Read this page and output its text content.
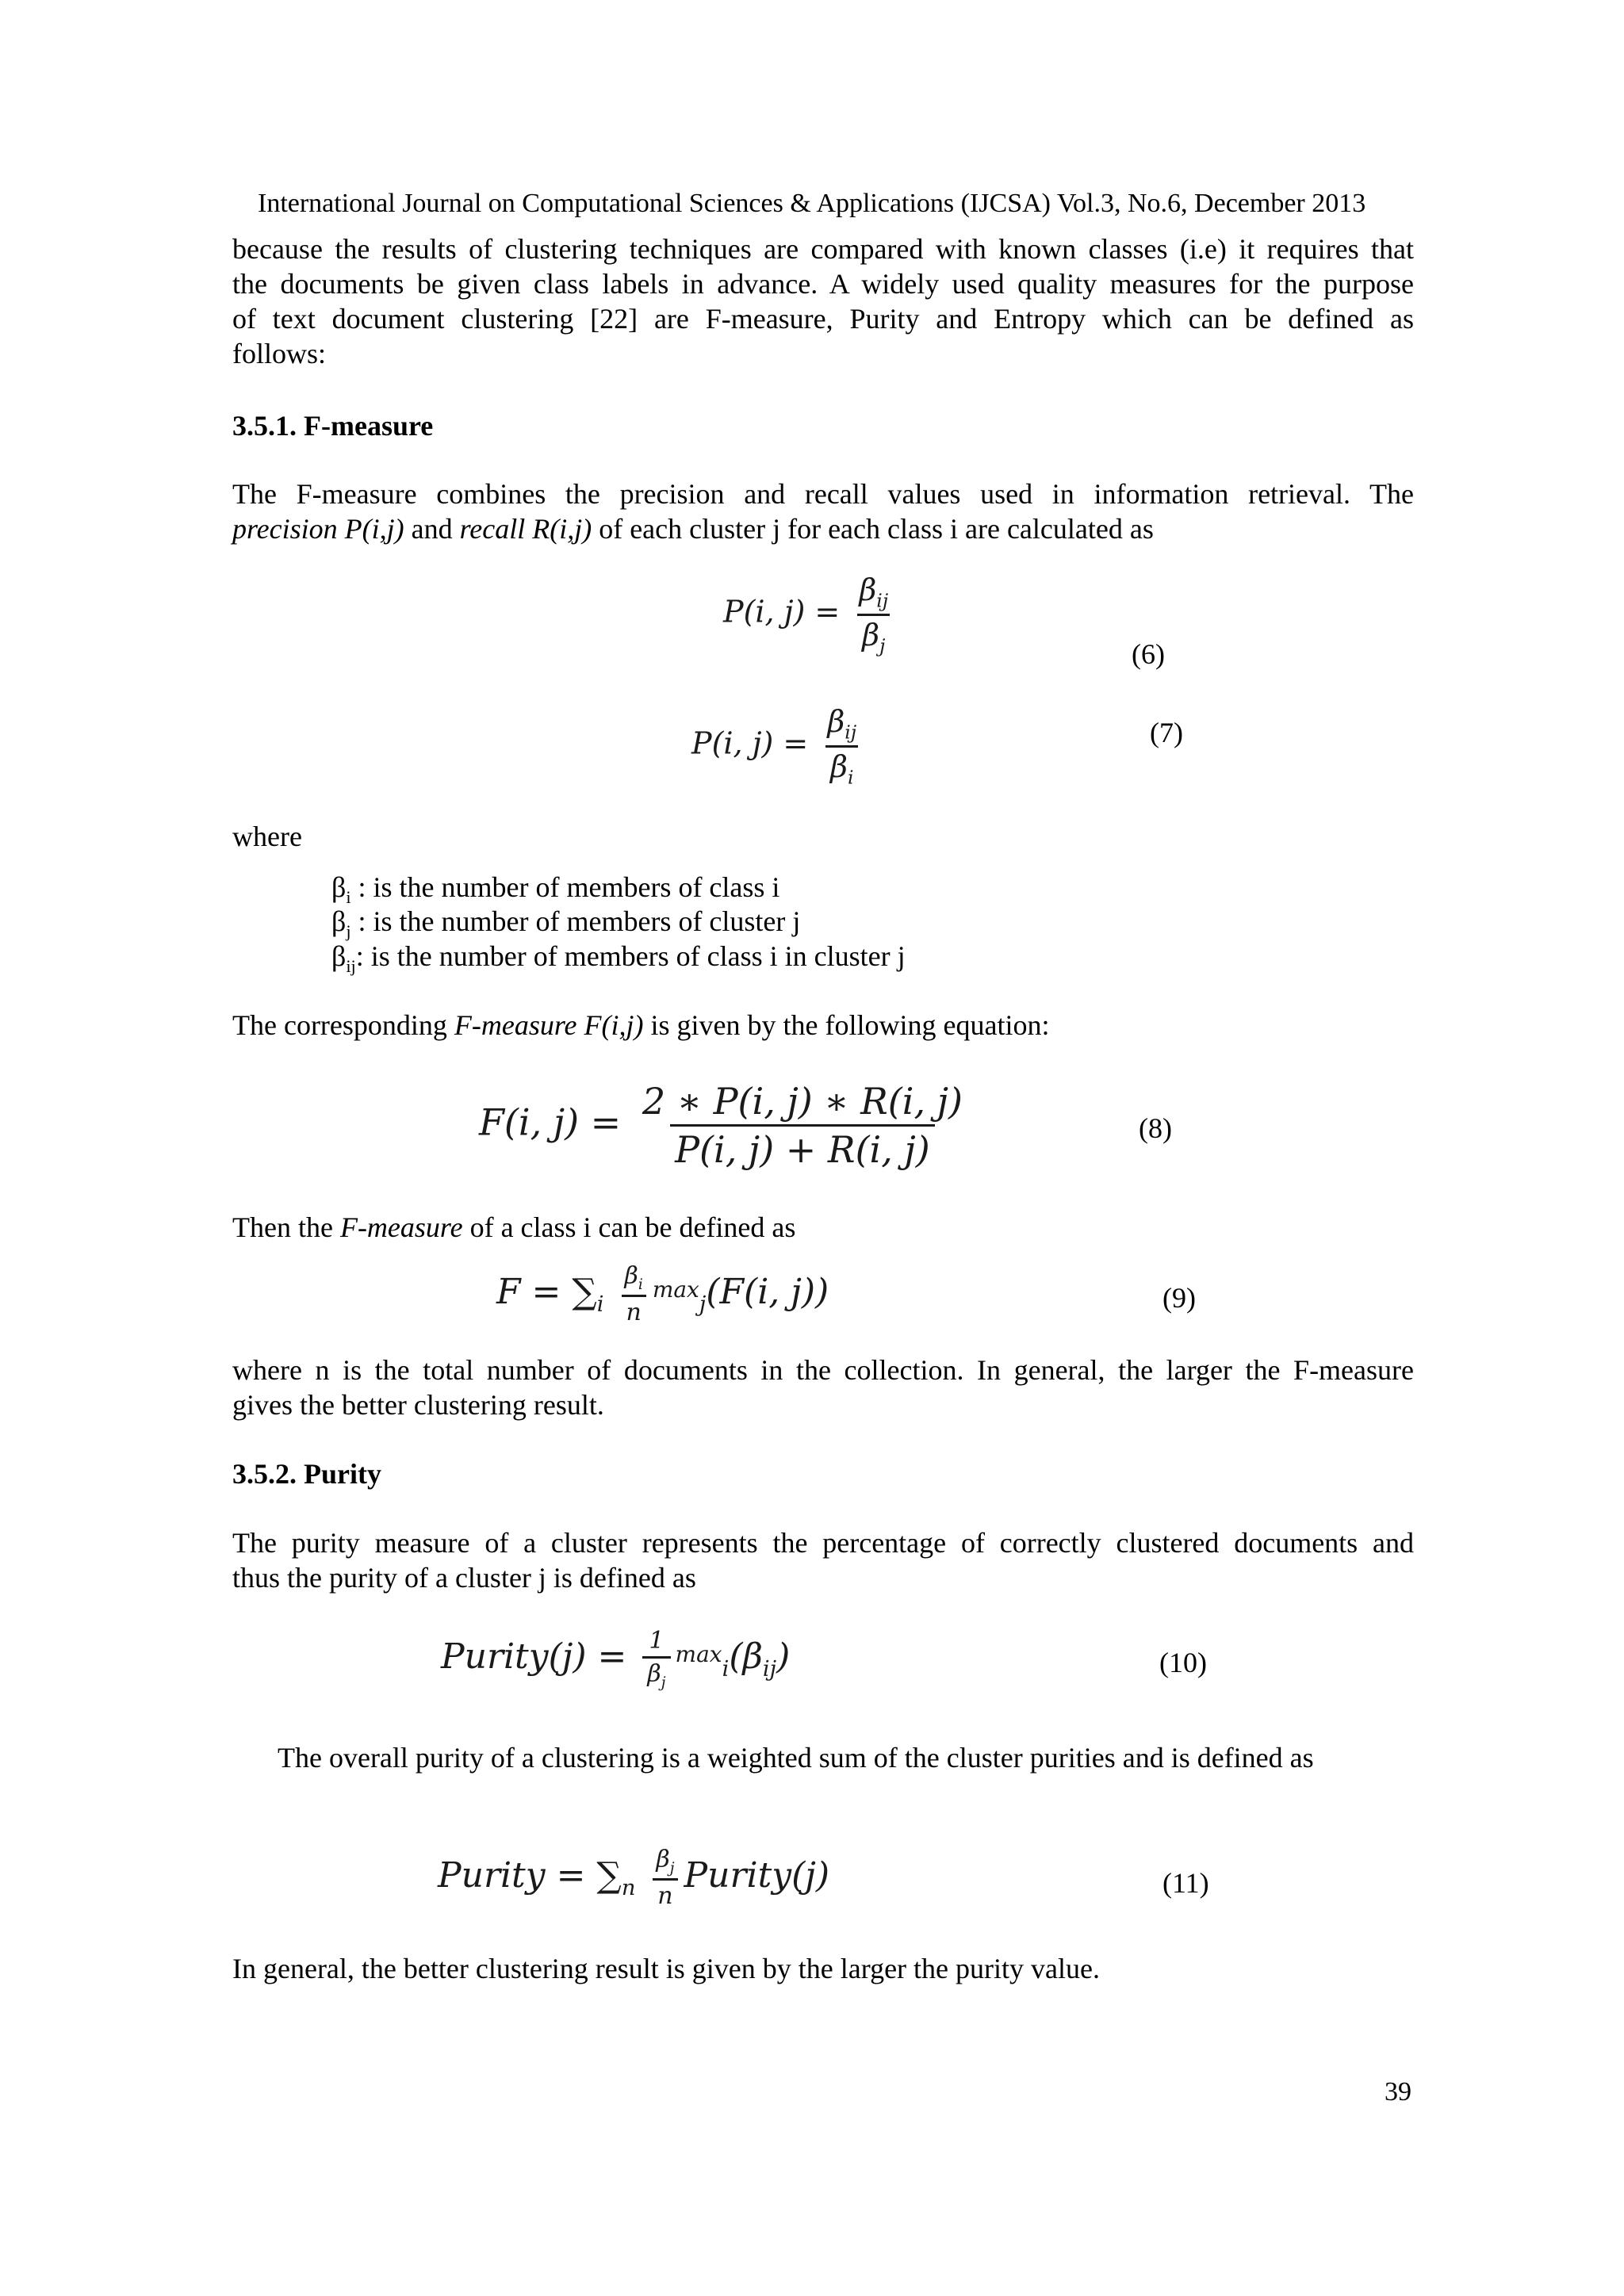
International Journal on Computational Sciences & Applications (IJCSA) Vol.3, No.6, December 2013
because the results of clustering techniques are compared with known classes (i.e) it requires that
the documents be given class labels in advance. A widely used quality measures for the purpose
of text document clustering [22] are F-measure, Purity and Entropy which can be defined as
follows:
3.5.1. F-measure
The F-measure combines the precision and recall values used in information retrieval. The
precision P(i,j) and recall R(i,j) of each cluster j for each class i are calculated as
P(i, $j) = \frac{\beta_{ij}}{\beta_j}$	(6)
P(i, $j) = \frac{\beta_{ij}}{\beta_i}$	(7)
where
$\beta_i$ : is the number of members of class i
$\beta_j$ : is the number of members of cluster j
$\beta_{ij}$: is the number of members of class i in cluster j
The corresponding F-measure F(i,j) is given by the following equation:
F(i, $j) = \frac{2 ∗ P(i, j) ∗ R(i, j)}{P(i, j) + R(i, j)}$	(8)
Then the F-measure of a class i can be defined as
$F = \sum_i \frac{\beta_i}{n} \max_j(F(i$, j))	(9)
where n is the total number of documents in the collection. In general, the larger the F-measure
gives the better clustering result.
3.5.2. Purity
The purity measure of a cluster represents the percentage of correctly clustered documents and
thus the purity of a cluster j is defined as
Purity(j) = $\frac{1}{\beta_j} \max_i(\beta_{ij})$	(10)
The overall purity of a clustering is a weighted sum of the cluster purities and is defined as
Purity = $\sum_n \frac{\beta_j}{n}$ Purity(j)	(11)
In general, the better clustering result is given by the larger the purity value.
39
